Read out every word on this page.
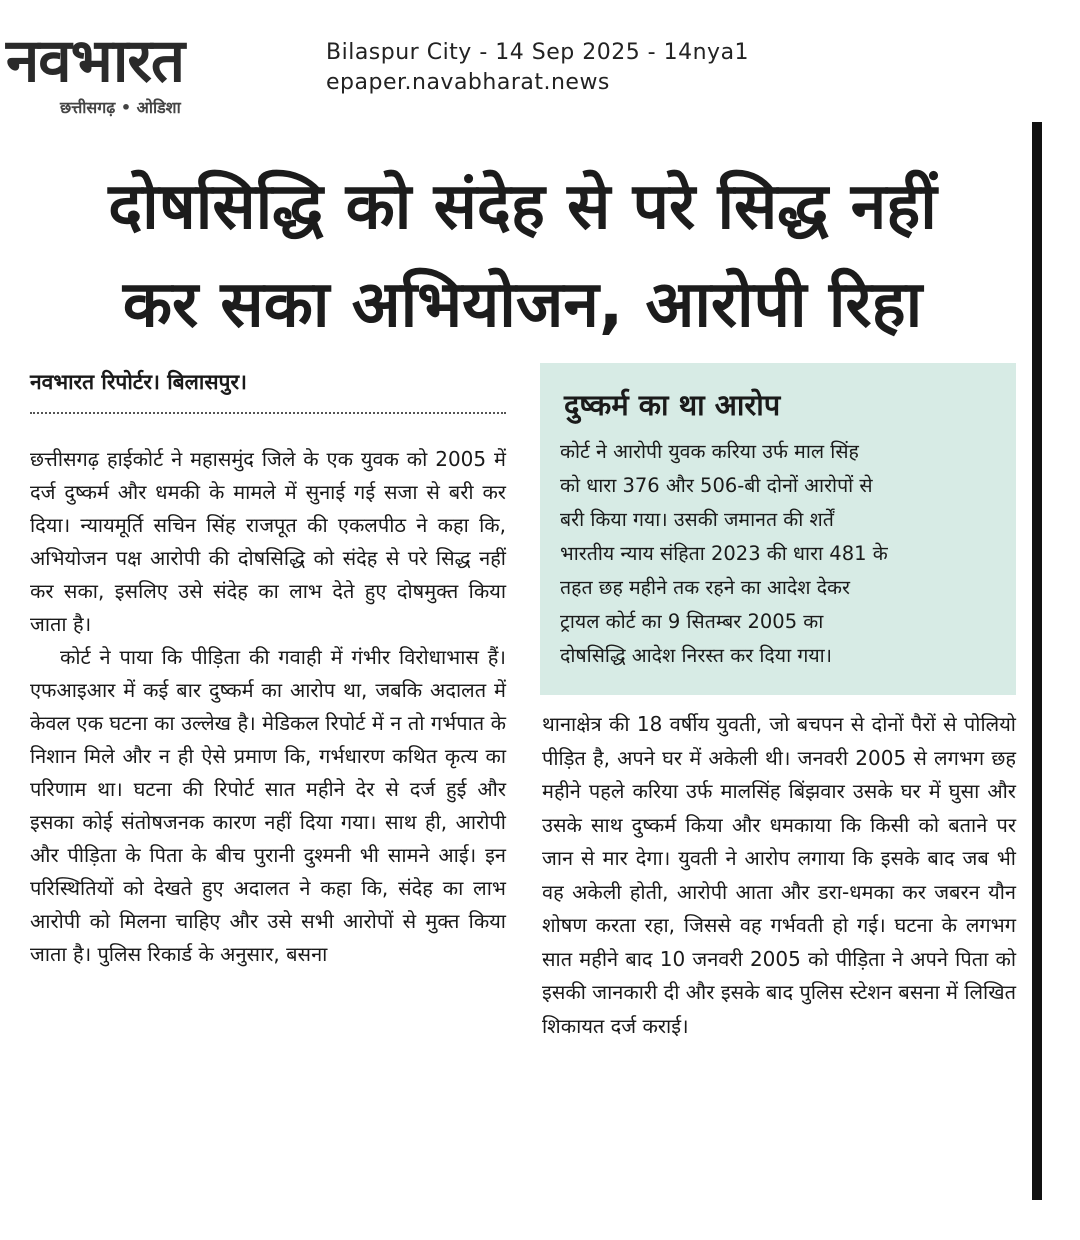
नवभारत
छत्तीसगढ़ • ओडिशा
Bilaspur City - 14 Sep 2025 - 14nya1
epaper.navabharat.news
दोषसिद्धि को संदेह से परे सिद्ध नहीं
कर सका अभियोजन, आरोपी रिहा
नवभारत रिपोर्टर। बिलासपुर।

छत्तीसगढ़ हाईकोर्ट ने महासमुंद जिले के एक युवक को 2005 में दर्ज दुष्कर्म और धमकी के मामले में सुनाई गई सजा से बरी कर दिया। न्यायमूर्ति सचिन सिंह राजपूत की एकलपीठ ने कहा कि, अभियोजन पक्ष आरोपी की दोषसिद्धि को संदेह से परे सिद्ध नहीं कर सका, इसलिए उसे संदेह का लाभ देते हुए दोषमुक्त किया जाता है।

कोर्ट ने पाया कि पीड़िता की गवाही में गंभीर विरोधाभास हैं। एफआइआर में कई बार दुष्कर्म का आरोप था, जबकि अदालत में केवल एक घटना का उल्लेख है। मेडिकल रिपोर्ट में न तो गर्भपात के निशान मिले और न ही ऐसे प्रमाण कि, गर्भधारण कथित कृत्य का परिणाम था। घटना की रिपोर्ट सात महीने देर से दर्ज हुई और इसका कोई संतोषजनक कारण नहीं दिया गया। साथ ही, आरोपी और पीड़िता के पिता के बीच पुरानी दुश्मनी भी सामने आई। इन परिस्थितियों को देखते हुए अदालत ने कहा कि, संदेह का लाभ आरोपी को मिलना चाहिए और उसे सभी आरोपों से मुक्त किया जाता है। पुलिस रिकार्ड के अनुसार, बसना

दुष्कर्म का था आरोप
कोर्ट ने आरोपी युवक करिया उर्फ माल सिंह
को धारा 376 और 506-बी दोनों आरोपों से
बरी किया गया। उसकी जमानत की शर्तें
भारतीय न्याय संहिता 2023 की धारा 481 के
तहत छह महीने तक रहने का आदेश देकर
ट्रायल कोर्ट का 9 सितम्बर 2005 का
दोषसिद्धि आदेश निरस्त कर दिया गया।

थानाक्षेत्र की 18 वर्षीय युवती, जो बचपन से दोनों पैरों से पोलियो पीड़ित है, अपने घर में अकेली थी। जनवरी 2005 से लगभग छह महीने पहले करिया उर्फ मालसिंह बिंझवार उसके घर में घुसा और उसके साथ दुष्कर्म किया और धमकाया कि किसी को बताने पर जान से मार देगा। युवती ने आरोप लगाया कि इसके बाद जब भी वह अकेली होती, आरोपी आता और डरा-धमका कर जबरन यौन शोषण करता रहा, जिससे वह गर्भवती हो गई। घटना के लगभग सात महीने बाद 10 जनवरी 2005 को पीड़िता ने अपने पिता को इसकी जानकारी दी और इसके बाद पुलिस स्टेशन बसना में लिखित शिकायत दर्ज कराई।
